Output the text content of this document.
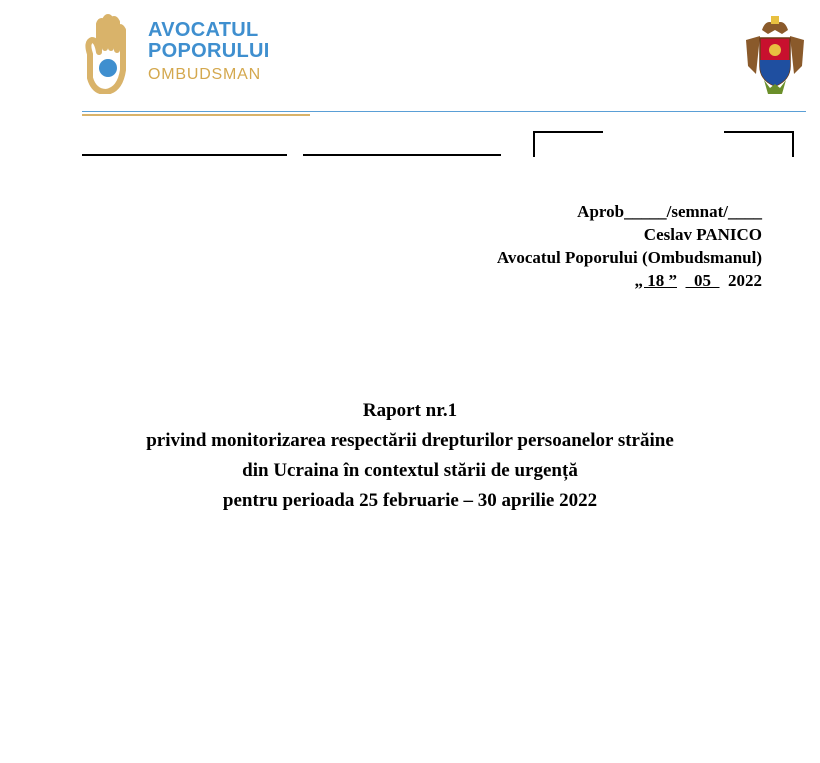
AVOCATUL
POPORULUI
OMBUDSMAN
Aprob_____/semnat/____
Ceslav PANICO
Avocatul Poporului (Ombudsmanul)
„ 18 ” 05 2022
Raport nr.1
privind monitorizarea respectării drepturilor persoanelor străine
din Ucraina în contextul stării de urgență
pentru perioada 25 februarie – 30 aprilie 2022
